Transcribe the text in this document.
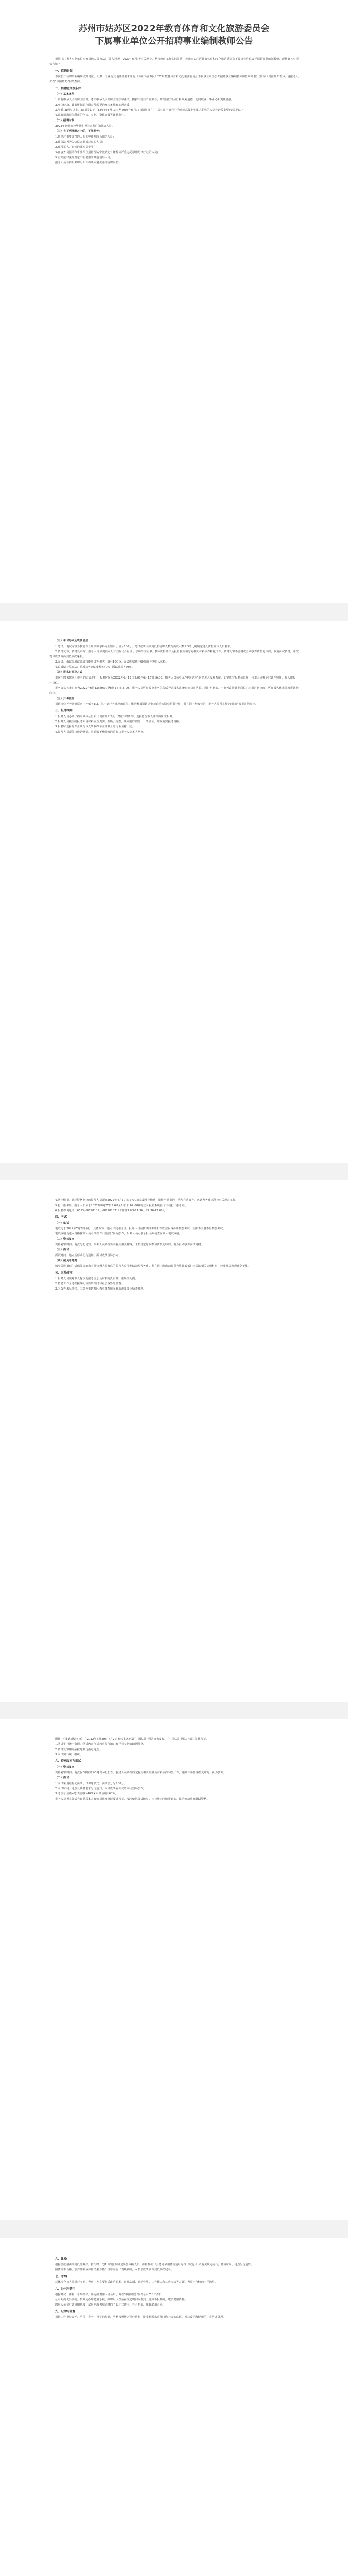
苏州市姑苏区2022年教育体育和文化旅游委员会
下属事业单位公开招聘事业编制教师公告

根据《江苏省事业单位公开招聘人员办法》(苏人社规〔2020〕6号)等有关规定，结合教育工作实际需要，苏州市姑苏区教育体育和文化旅游委员会下属事业单位公开招聘事业编制教师，现将有关事项公告如下：

一、招聘计划

本次公开招聘事业编制教师岗位、人数、专业及其他条件要求详见《苏州市姑苏区2022年教育体育和文化旅游委员会下属事业单位公开招聘事业编制教师岗位简介表》(简称《岗位简介表》)，请报考人员在“中国姑苏”网站查阅。

二、招聘范围及条件
（一）基本条件

1.具有中华人民共和国国籍，遵守中华人民共和国宪法和法律，拥护中国共产党领导，具有良好的品行和职业道德，爱岗敬业，事业心和责任感强；

2.身体健康，具备履行职位职责所需要的身体条件和心理素质；

3.年龄18周岁以上、35周岁以下（1986年6月13日至2004年6月13日期间出生），具有硕士研究生学历或高级专业技术职称的人员年龄放宽至40周岁以下；

4.具有招聘岗位所需的学历、专业、资格证书等其他条件。

（二）招聘对象

2022年普通高校毕业生及符合条件的社会人员。

（三）有下列情形之一的，不得报考：

1.曾受过刑事处罚的人员和曾被开除公职的人员；

2.被依法列为失信联合惩戒对象的人员；

3.现役军人、在读的非应届毕业生；

4.在公务员招录和事业单位招聘考试中被认定有舞弊等严重违反录用纪律行为的人员；

5.有关法律法规规定不得聘用的其他情形人员。

报考人员不得报考聘用后即构成回避关系的招聘岗位。

（三）考试形式及成绩合成

1.笔试。笔试内容为教育综合知识和学科专业知识，满分100分。笔试成绩由高到低按招聘人数与面试人数1:3的比例确定进入资格复审人员名单。

2.资格复审。资格复审时，报考人员须提供本人有效居民身份证、学历学位证书、教师资格证书及报名表所填写的相关材料原件和复印件。资格复审不合格或主动放弃资格复审的，取消面试资格，并按笔试成绩由高到低依次递补。

3.面试。面试采用试讲或技能测试等形式，满分100分，面试成绩低于60分的不得进入体检。

4.总成绩计算方法：总成绩=笔试成绩×40%+面试成绩×60%。

（四）报名时间及方式

本次招聘采取网上报名的方式进行，报名时间为2022年6月13日9:00至6月17日16:00，报考人员须登录“中国姑苏”网站进入报名系统，如实填写报名信息并上传本人近期免冠证件照片，每人限报一个岗位。

报名资格初审时间为2022年6月13日9:00至6月18日16:00。报考人员可在提交报名信息后登录报名系统查询初审结果。通过初审的，不能再改报其他岗位；未通过初审的，可在报名截止前改报其他岗位。

（五）开考比例

招聘岗位开考比例原则上不低于1:3，达不到开考比例的岗位，相应核减招聘计划或取消该岗位招聘计划，并在网上发布公告，报考人员可在规定时间内改报其他岗位。

三、报考须知

1.报考人员必须仔细阅读本公告和《岗位简介表》，对照招聘条件，选择符合本人条件的岗位报考。

2.报考人员提交的报考申请材料应当真实、准确、完整，凡弄虚作假的，一经查实，即取消其报考资格。

3.报名时选择的专业须与本人所取得毕业证书上的专业名称一致。

4.报考人员须保持通讯畅通，因通讯不畅导致的后果由报考人员本人承担。

4.网上缴费。通过资格初审的报考人员须在2022年6月19日16:00前完成网上缴费，逾期不缴费的，视为自动放弃。笔试考务费标准按有关规定执行。

5.打印准考证。报考人员须于2022年6月27日9:00至7月1日16:00期间登录报名系统自行下载打印准考证。

6.报名咨询电话：0512-68728101、68728107（工作日9:00-11:30，13:30-17:00）。

四、考试
（一）笔试

笔试定于2022年7月2日举行，具体时间、地点详见准考证。报考人员须携带准考证和有效居民身份证参加考试，证件不全者不得参加考试。

笔试成绩及进入资格复审人员名单在“中国姑苏”网站公布，报考人员可登录报名系统查询本人笔试成绩。

（二）资格复审

资格复审时间、地点另行通知。报考人员须按要求提交相关材料，未按规定时间参加资格复审的，视为自动放弃面试资格。

（三）面试

面试时间、地点及形式另行通知。面试成绩当场公布。

（四）减免考务费

城乡居民最低生活保障家庭和农村特困人员家庭的报考人员可申请减免考务费，须在网上缴费前提供当地民政部门出具的相关证明材料，经审核后办理减免手续。

五、其他事项

1.报考人员须对本人提交的报考信息及材料的真实性、准确性负责。

2.招聘工作全过程接受纪检监察部门和社会各界的监督。

3.本公告未尽事宜，由苏州市姑苏区教育体育和文化旅游委员会负责解释。

附件：《笔试成绩考查》在2022年6月29日-7月2日和线上各地及“中国姑苏”网站查询发布，“中国姑苏”网站下载打印准考证。

1.笔试实行统一命题。笔试内容包括教育综合知识和学科专业知识两部分。

2.资格复审期间须按时到达指定地点。

3.面试实行统一组织。

六、资格复审与面试
（一）资格复审

资格复审时间、地点在“中国姑苏”网站另行公告。报考人员须按规定提交相关证件及材料原件和复印件，逾期不参加资格复审的，视为放弃。

（二）面试

1.面试采用结构化面试、试讲等形式，面试总分为100分。

2.面试时间、地点及具体要求另行通知。面试成绩在面试结束后当场公布。

3.考生总成绩=笔试成绩×40%+面试成绩×60%。

报考人员须在面试当日携带本人有效居民身份证及准考证，按时到达面试地点，未按规定时间报到的，视为自动放弃面试资格。

六、体检

根据总成绩由高到低的顺序，按招聘计划1:1的比例确定参加体检人员。体检参照《公务员录用体检通用标准（试行）》及有关规定执行，体检时间、地点另行通知。

因体检不合格、放弃体检或体检结果不能出具等原因出现缺额的，可按总成绩由高到低依次递补。

七、考察

对体检合格人员进行考察。考察内容主要包括政治思想、道德品质、遵纪守法、工作能力和工作实绩等方面，考察不合格的不予聘用。

八、公示与聘用

根据考试、体检、考察结果，确定拟聘用人员名单，并在“中国姑苏”网站公示7个工作日。

公示期满无异议的，按规定办理聘用手续。拟聘用人员须在规定时间内报到，逾期不报到的，取消聘用资格。

聘用人员实行试用期制度，试用期满考核合格的予以正式聘用，不合格的，解除聘用合同。

九、纪律与监督

招聘工作坚持公开、平等、竞争、择优的原则，严格按照规定程序进行，接受纪检监察部门和社会的监督。对违反招聘纪律的，将严肃处理。
